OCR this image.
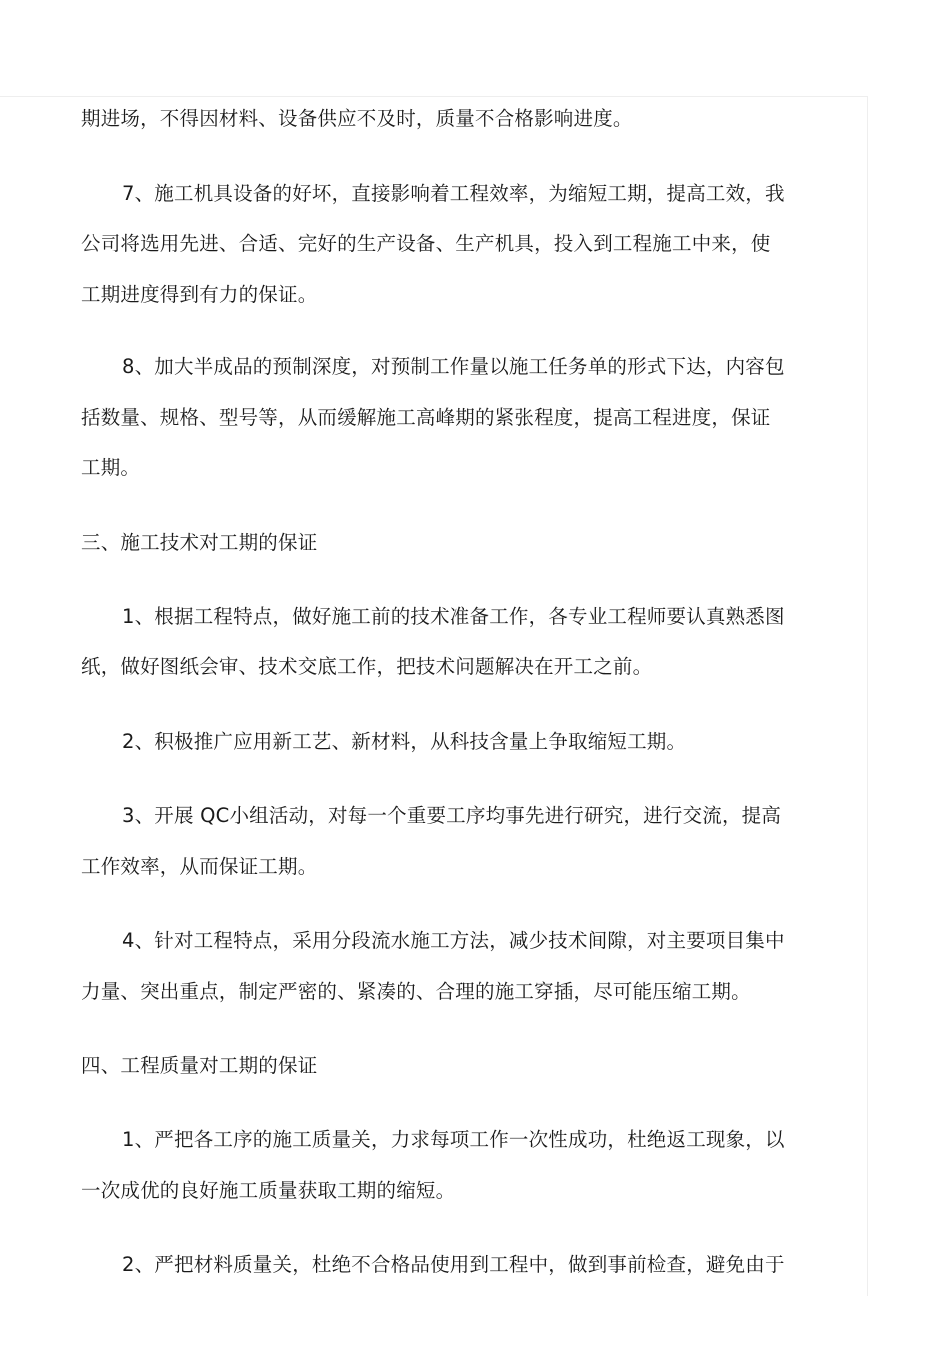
期进场，不得因材料、设备供应不及时，质量不合格影响进度。
7、施工机具设备的好坏，直接影响着工程效率，为缩短工期，提高工效，我
公司将选用先进、合适、完好的生产设备、生产机具，投入到工程施工中来，使
工期进度得到有力的保证。
8、加大半成品的预制深度，对预制工作量以施工任务单的形式下达，内容包
括数量、规格、型号等，从而缓解施工高峰期的紧张程度，提高工程进度，保证
工期。
三、施工技术对工期的保证
1、根据工程特点，做好施工前的技术准备工作，各专业工程师要认真熟悉图
纸，做好图纸会审、技术交底工作，把技术问题解决在开工之前。
2、积极推广应用新工艺、新材料，从科技含量上争取缩短工期。
3、开展 QC小组活动，对每一个重要工序均事先进行研究，进行交流，提高
工作效率，从而保证工期。
4、针对工程特点，采用分段流水施工方法，减少技术间隙，对主要项目集中
力量、突出重点，制定严密的、紧凑的、合理的施工穿插，尽可能压缩工期。
四、工程质量对工期的保证
1、严把各工序的施工质量关，力求每项工作一次性成功，杜绝返工现象，以
一次成优的良好施工质量获取工期的缩短。
2、严把材料质量关，杜绝不合格品使用到工程中，做到事前检查，避免由于
